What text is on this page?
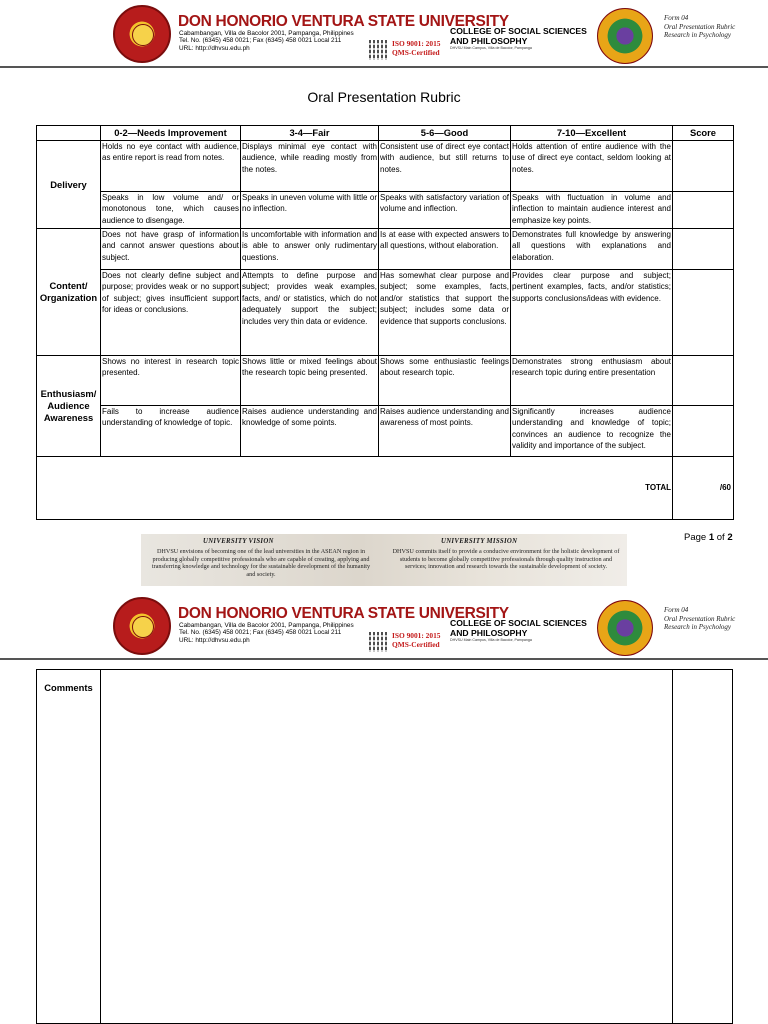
DON HONORIO VENTURA STATE UNIVERSITY
Cabambangan, Villa de Bacolor 2001, Pampanga, Philippines
Tel. No. (6345) 458 0021; Fax (6345) 458 0021 Local 211
URL: http://dhvsu.edu.ph
ISO 9001: 2015
QMS-Certified
COLLEGE OF SOCIAL SCIENCES
AND PHILOSOPHY
DHVSU Main Campus, Villa de Bacolor, Pampanga
Form 04
Oral Presentation Rubric
Research in Psychology
Oral Presentation Rubric
	0-2—Needs Improvement	3-4—Fair	5-6—Good	7-10—Excellent	Score
Delivery	Holds no eye contact with audience, as entire report is read from notes.	Displays minimal eye contact with audience, while reading mostly from the notes.	Consistent use of direct eye contact with audience, but still returns to notes.	Holds attention of entire audience with the use of direct eye contact, seldom looking at notes.	
	Speaks in low volume and/ or monotonous tone, which causes audience to disengage.	Speaks in uneven volume with little or no inflection.	Speaks with satisfactory variation of volume and inflection.	Speaks with fluctuation in volume and inflection to maintain audience interest and emphasize key points.	
Content/ Organization	Does not have grasp of information and cannot answer questions about subject.	Is uncomfortable with information and is able to answer only rudimentary questions.	Is at ease with expected answers to all questions, without elaboration.	Demonstrates full knowledge by answering all questions with explanations and elaboration.	
	Does not clearly define subject and purpose; provides weak or no support of subject; gives insufficient support for ideas or conclusions.	Attempts to define purpose and subject; provides weak examples, facts, and/ or statistics, which do not adequately support the subject; includes very thin data or evidence.	Has somewhat clear purpose and subject; some examples, facts, and/or statistics that support the subject; includes some data or evidence that supports conclusions.	Provides clear purpose and subject; pertinent examples, facts, and/or statistics; supports conclusions/ideas with evidence.	
Enthusiasm/ Audience Awareness	Shows no interest in research topic presented.	Shows little or mixed feelings about the research topic being presented.	Shows some enthusiastic feelings about research topic.	Demonstrates strong enthusiasm about research topic during entire presentation	
	Fails to increase audience understanding of knowledge of topic.	Raises audience understanding and knowledge of some points.	Raises audience understanding and awareness of most points.	Significantly increases audience understanding and knowledge of topic; convinces an audience to recognize the validity and importance of the subject.	
TOTAL					/60
UNIVERSITY VISION
DHVSU envisions of becoming one of the lead universities in the ASEAN region in producing globally competitive professionals who are capable of creating, applying and transferring knowledge and technology for the sustainable development of the humanity and society.
UNIVERSITY MISSION
DHVSU commits itself to provide a conducive environment for the holistic development of students to become globally competitive professionals through quality instruction and services; innovation and research towards the sustainable development of society.
Page 1 of 2
DON HONORIO VENTURA STATE UNIVERSITY
Cabambangan, Villa de Bacolor 2001, Pampanga, Philippines
Tel. No. (6345) 458 0021; Fax (6345) 458 0021 Local 211
URL: http://dhvsu.edu.ph
ISO 9001: 2015
QMS-Certified
COLLEGE OF SOCIAL SCIENCES
AND PHILOSOPHY
DHVSU Main Campus, Villa de Bacolor, Pampanga
Form 04
Oral Presentation Rubric
Research in Psychology
Comments
